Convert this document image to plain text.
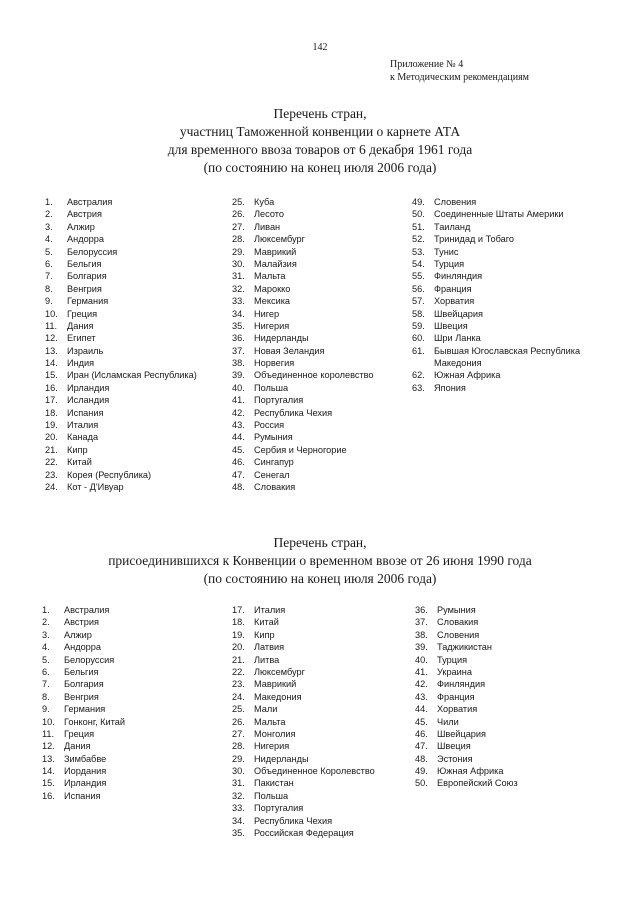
142
Приложение № 4
к Методическим рекомендациям
Перечень стран,
участниц Таможенной конвенции о карнете АТА
для временного ввоза товаров от 6 декабря 1961 года
(по состоянию на конец июля 2006 года)
1. Австралия
2. Австрия
3. Алжир
4. Андорра
5. Белоруссия
6. Бельгия
7. Болгария
8. Венгрия
9. Германия
10. Греция
11. Дания
12. Египет
13. Израиль
14. Индия
15. Иран (Исламская Республика)
16. Ирландия
17. Исландия
18. Испания
19. Италия
20. Канада
21. Кипр
22. Китай
23. Корея (Республика)
24. Кот - Д'Ивуар
25. Куба
26. Лесото
27. Ливан
28. Люксембург
29. Маврикий
30. Малайзия
31. Мальта
32. Марокко
33. Мексика
34. Нигер
35. Нигерия
36. Нидерланды
37. Новая Зеландия
38. Норвегия
39. Объединенное королевство
40. Польша
41. Португалия
42. Республика Чехия
43. Россия
44. Румыния
45. Сербия и Черногорие
46. Сингапур
47. Сенегал
48. Словакия
49. Словения
50. Соединенные Штаты Америки
51. Таиланд
52. Тринидад и Тобаго
53. Тунис
54. Турция
55. Финляндия
56. Франция
57. Хорватия
58. Швейцария
59. Швеция
60. Шри Ланка
61. Бывшая Югославская Республика Македония
62. Южная Африка
63. Япония
Перечень стран,
присоединившихся к Конвенции о временном ввозе от 26 июня 1990 года
(по состоянию на конец июля 2006 года)
1. Австралия
2. Австрия
3. Алжир
4. Андорра
5. Белоруссия
6. Бельгия
7. Болгария
8. Венгрия
9. Германия
10. Гонконг, Китай
11. Греция
12. Дания
13. Зимбабве
14. Иордания
15. Ирландия
16. Испания
17. Италия
18. Китай
19. Кипр
20. Латвия
21. Литва
22. Люксембург
23. Маврикий
24. Македония
25. Мали
26. Мальта
27. Монголия
28. Нигерия
29. Нидерланды
30. Объединенное Королевство
31. Пакистан
32. Польша
33. Португалия
34. Республика Чехия
35. Российская Федерация
36. Румыния
37. Словакия
38. Словения
39. Таджикистан
40. Турция
41. Украина
42. Финляндия
43. Франция
44. Хорватия
45. Чили
46. Швейцария
47. Швеция
48. Эстония
49. Южная Африка
50. Европейский Союз
